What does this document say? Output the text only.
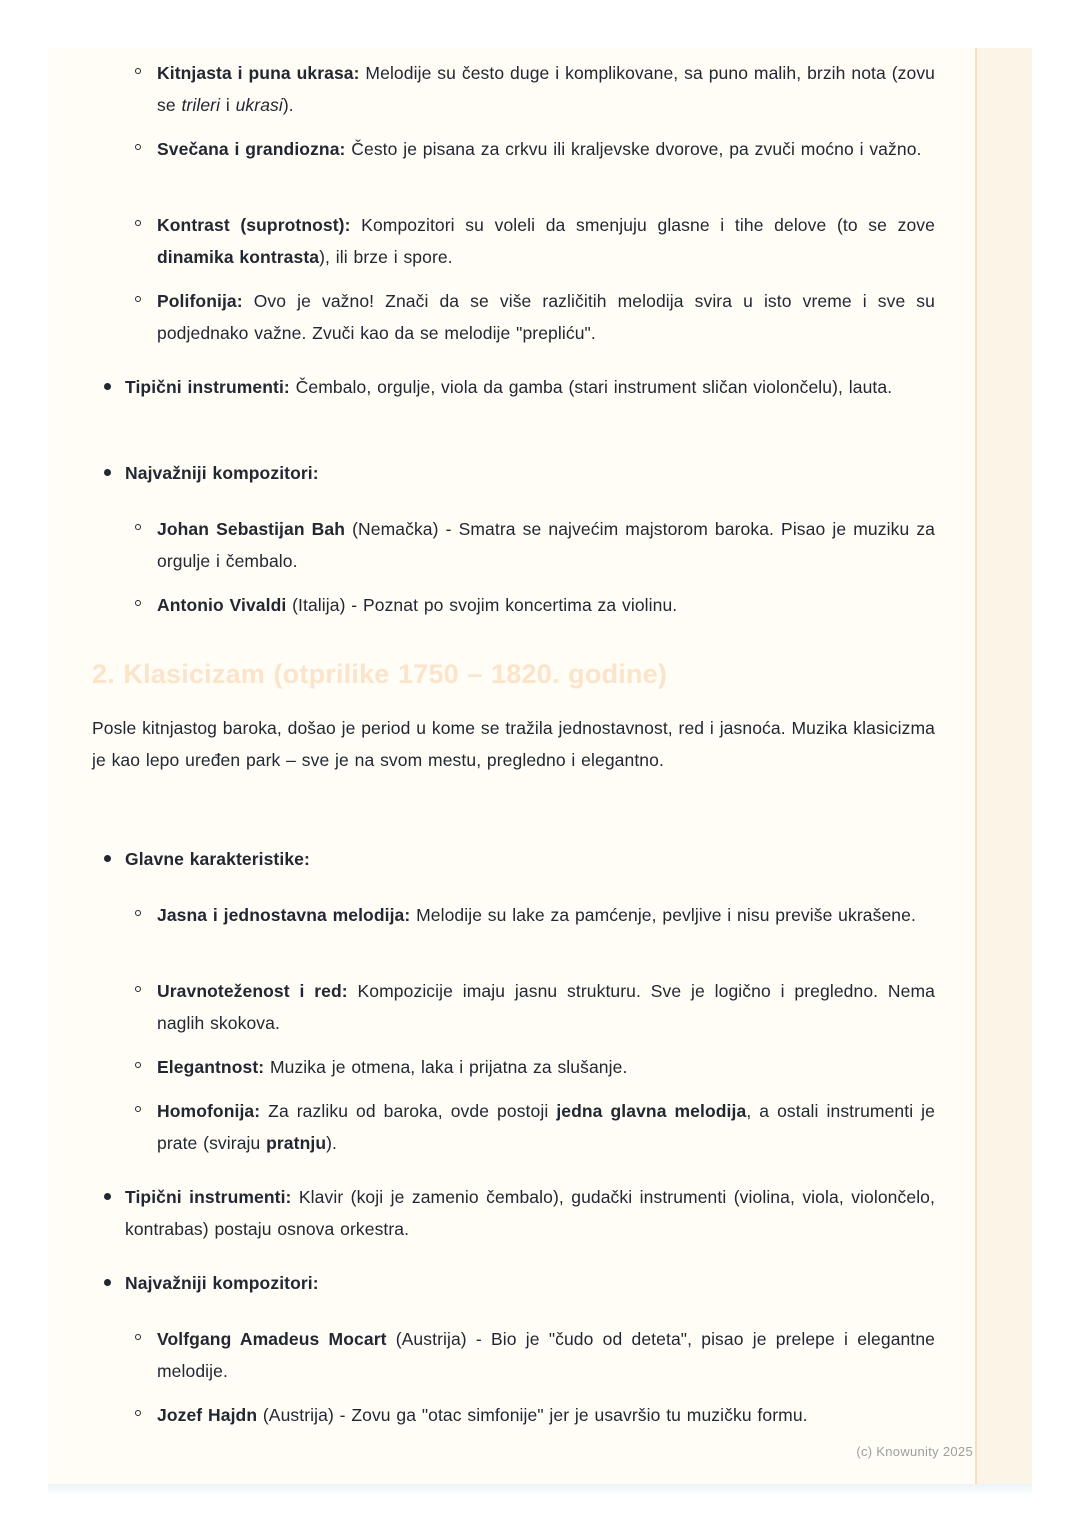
Kitnjasta i puna ukrasa: Melodije su često duge i komplikovane, sa puno malih, brzih nota (zovu se trileri i ukrasi).
Svečana i grandiozna: Često je pisana za crkvu ili kraljevske dvorove, pa zvuči moćno i važno.
Kontrast (suprotnost): Kompozitori su voleli da smenjuju glasne i tihe delove (to se zove dinamika kontrasta), ili brze i spore.
Polifonija: Ovo je važno! Znači da se više različitih melodija svira u isto vreme i sve su podjednako važne. Zvuči kao da se melodije "prepliću".
Tipični instrumenti: Čembalo, orgulje, viola da gamba (stari instrument sličan violončelu), lauta.
Najvažniji kompozitori:
Johan Sebastijan Bah (Nemačka) - Smatra se najvećim majstorom baroka. Pisao je muziku za orgulje i čembalo.
Antonio Vivaldi (Italija) - Poznat po svojim koncertima za violinu.
2. Klasicizam (otprilike 1750 – 1820. godine)

Posle kitnjastog baroka, došao je period u kome se tražila jednostavnost, red i jasnoća. Muzika klasicizma je kao lepo uređen park – sve je na svom mestu, pregledno i elegantno.

Glavne karakteristike:
Jasna i jednostavna melodija: Melodije su lake za pamćenje, pevljive i nisu previše ukrašene.
Uravnoteženost i red: Kompozicije imaju jasnu strukturu. Sve je logično i pregledno. Nema naglih skokova.
Elegantnost: Muzika je otmena, laka i prijatna za slušanje.
Homofonija: Za razliku od baroka, ovde postoji jedna glavna melodija, a ostali instrumenti je prate (sviraju pratnju).
Tipični instrumenti: Klavir (koji je zamenio čembalo), gudački instrumenti (violina, viola, violončelo, kontrabas) postaju osnova orkestra.
Najvažniji kompozitori:
Volfgang Amadeus Mocart (Austrija) - Bio je "čudo od deteta", pisao je prelepe i elegantne melodije.
Jozef Hajdn (Austrija) - Zovu ga "otac simfonije" jer je usavršio tu muzičku formu.
(c) Knowunity 2025
